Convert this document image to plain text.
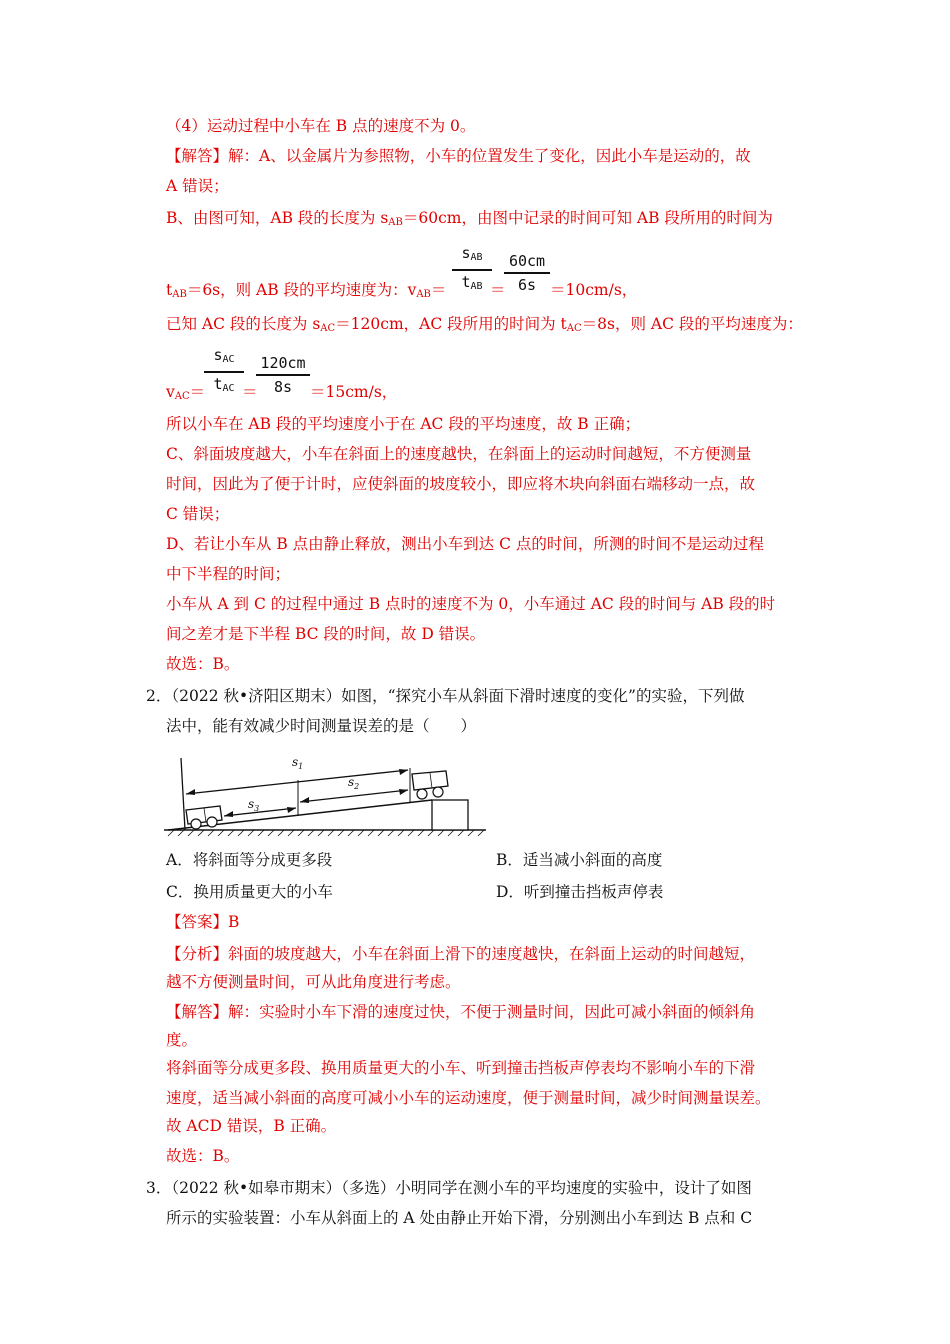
（4）运动过程中小车在 B 点的速度不为 0。
【解答】解：A、以金属片为参照物，小车的位置发生了变化，因此小车是运动的，故
A 错误；
B、由图可知，AB 段的长度为 $s_{AB}=60cm$，由图中记录的时间可知 AB 段所用的时间为
$t_{AB}=6s$，则 AB 段的平均速度为：$v_{AB}=$
$s_{AB}$
$t_{AB}$ ＝
60cm
6s ＝10cm/s，
已知 AC 段的长度为 $s_{AC}=120cm$，AC 段所用的时间为 $t_{AC}=8s$，则 AC 段的平均速度为：
$v_{AC}=$
$s_{AC}$
$t_{AC}$ ＝
120cm
8s	＝15cm/s，
所以小车在 AB 段的平均速度小于在 AC 段的平均速度，故 B 正确；
C、斜面坡度越大，小车在斜面上的速度越快，在斜面上的运动时间越短，不方便测量
时间，因此为了便于计时，应使斜面的坡度较小，即应将木块向斜面右端移动一点，故
C 错误；
D、若让小车从 B 点由静止释放，测出小车到达 C 点的时间，所测的时间不是运动过程
中下半程的时间；
小车从 A 到 C 的过程中通过 B 点时的速度不为 0，小车通过 AC 段的时间与 AB 段的时
间之差才是下半程 BC 段的时间，故 D 错误。
故选：B。
2．（2022 秋•济阳区期末）如图，“探究小车从斜面下滑时速度的变化”的实验，下列做
法中，能有效减少时间测量误差的是（　　）
$s_1$
$s_2$
$s_3$
A．将斜面等分成更多段	B．适当减小斜面的高度
C．换用质量更大的小车	D．听到撞击挡板声停表
【答案】B
【分析】斜面的坡度越大，小车在斜面上滑下的速度越快，在斜面上运动的时间越短，
越不方便测量时间，可从此角度进行考虑。
【解答】解：实验时小车下滑的速度过快，不便于测量时间，因此可减小斜面的倾斜角
度。
将斜面等分成更多段、换用质量更大的小车、听到撞击挡板声停表均不影响小车的下滑
速度，适当减小斜面的高度可减小小车的运动速度，便于测量时间，减少时间测量误差。
故 ACD 错误，B 正确。
故选：B。
3．（2022 秋•如皋市期末）（多选）小明同学在测小车的平均速度的实验中，设计了如图
所示的实验装置：小车从斜面上的 A 处由静止开始下滑，分别测出小车到达 B 点和 C
